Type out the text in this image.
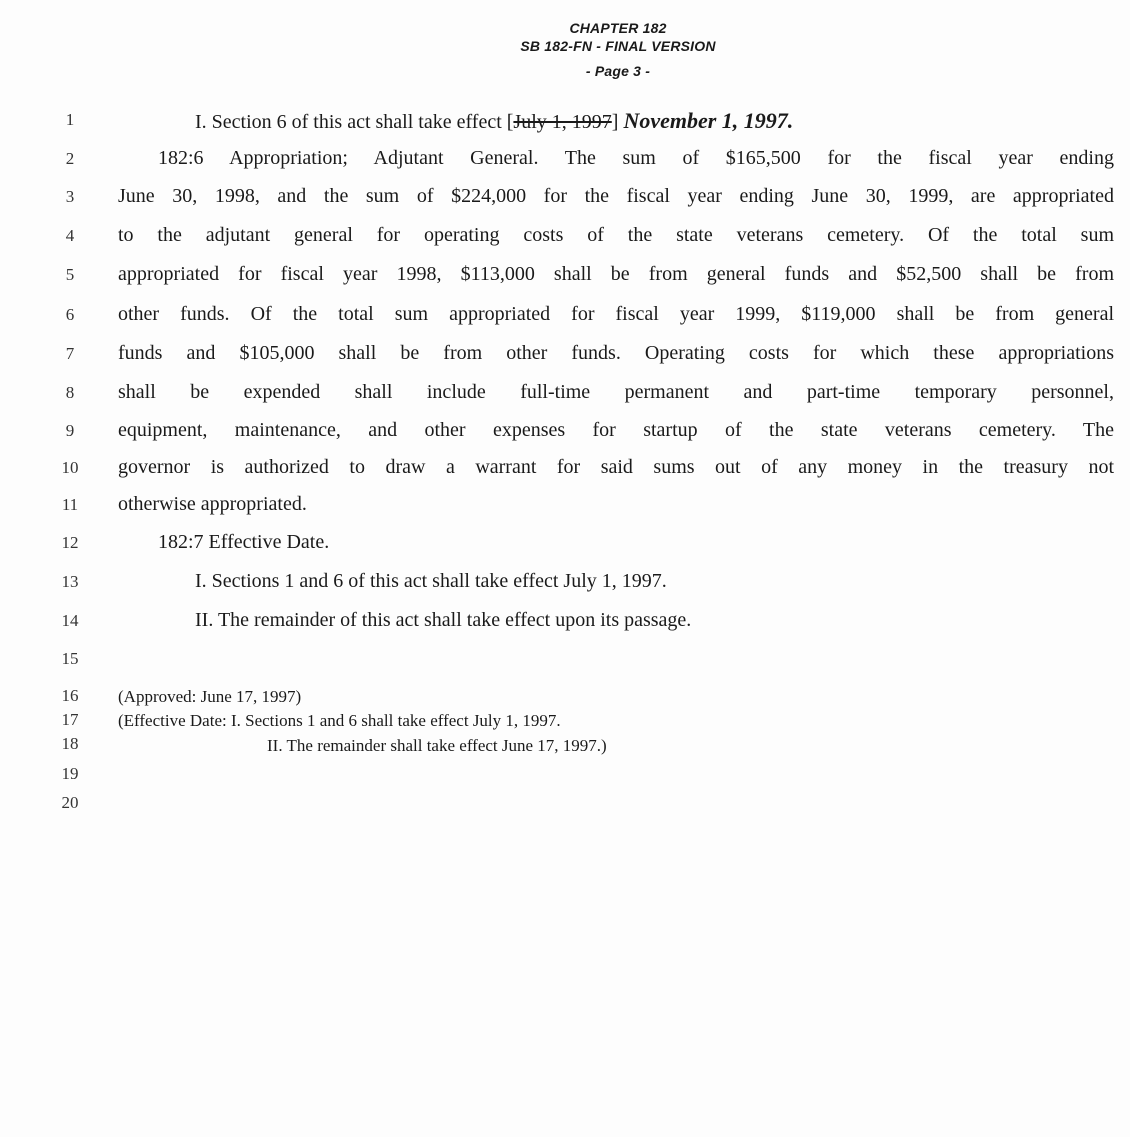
CHAPTER 182
SB 182-FN - FINAL VERSION
- Page 3 -
1
2
3
4
5
6
7
8
9
10
11
12
13
14
15
16
17
18
19
20
I. Section 6 of this act shall take effect [July 1, 1997] November 1, 1997.
182:6 Appropriation; Adjutant General. The sum of $165,500 for the fiscal year ending
June 30, 1998, and the sum of $224,000 for the fiscal year ending June 30, 1999, are appropriated
to the adjutant general for operating costs of the state veterans cemetery. Of the total sum
appropriated for fiscal year 1998, $113,000 shall be from general funds and $52,500 shall be from
other funds. Of the total sum appropriated for fiscal year 1999, $119,000 shall be from general
funds and $105,000 shall be from other funds. Operating costs for which these appropriations
shall be expended shall include full-time permanent and part-time temporary personnel,
equipment, maintenance, and other expenses for startup of the state veterans cemetery. The
governor is authorized to draw a warrant for said sums out of any money in the treasury not
otherwise appropriated.
182:7 Effective Date.
I. Sections 1 and 6 of this act shall take effect July 1, 1997.
II. The remainder of this act shall take effect upon its passage.
(Approved: June 17, 1997)
(Effective Date: I. Sections 1 and 6 shall take effect July 1, 1997.
II. The remainder shall take effect June 17, 1997.)
